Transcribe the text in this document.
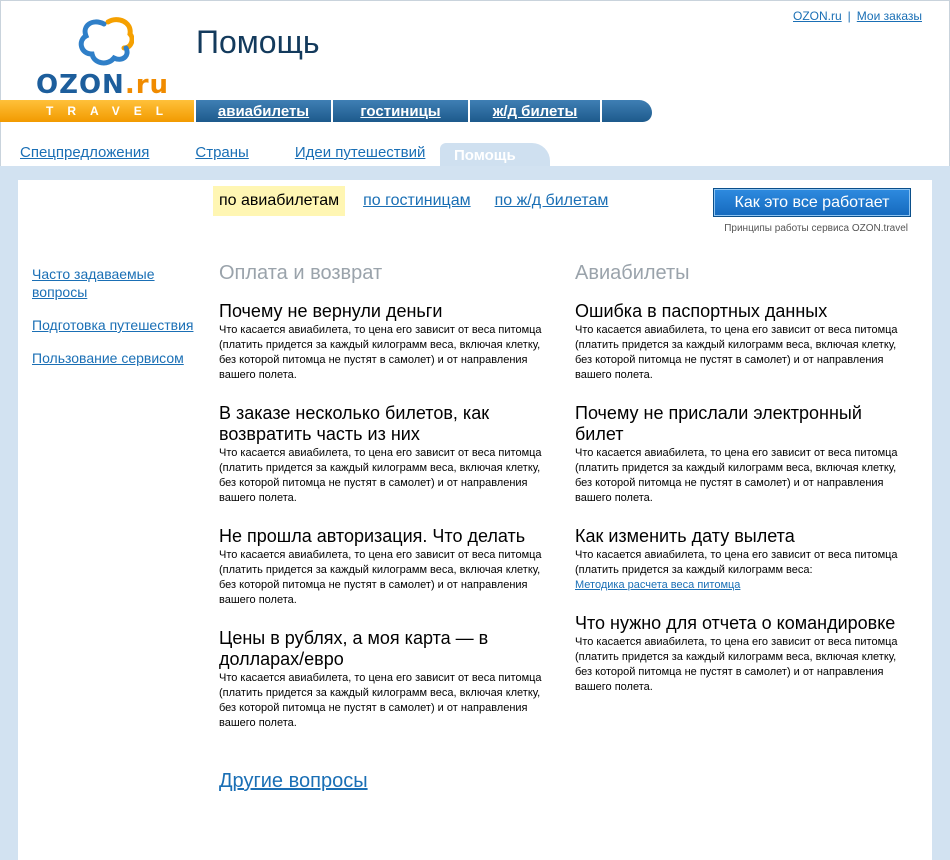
OZON.ru | Мои заказы
OZON.ru
Помощь
TRAVEL	авиабилеты	гостиницы	ж/д билеты
Спецпредложения	Страны	Идеи путешествий	Помощь
по авиабилетам	по гостиницам по ж/д билетам	Как это все работает
Принципы работы сервиса OZON.travel
Часто задаваемые вопросы
Подготовка путешествия
Пользование сервисом
Оплата и возврат
Почему не вернули деньги

Что касается авиабилета, то цена его зависит от веса питомца (платить придется за каждый килограмм веса, включая клетку, без которой питомца не пустят в самолет) и от направления вашего полета.

В заказе несколько билетов, как возвратить часть из них

Что касается авиабилета, то цена его зависит от веса питомца (платить придется за каждый килограмм веса, включая клетку, без которой питомца не пустят в самолет) и от направления вашего полета.

Не прошла авторизация. Что делать

Что касается авиабилета, то цена его зависит от веса питомца (платить придется за каждый килограмм веса, включая клетку, без которой питомца не пустят в самолет) и от направления вашего полета.

Цены в рублях, а моя карта — в долларах/евро

Что касается авиабилета, то цена его зависит от веса питомца (платить придется за каждый килограмм веса, включая клетку, без которой питомца не пустят в самолет) и от направления вашего полета.

Авиабилеты
Ошибка в паспортных данных

Что касается авиабилета, то цена его зависит от веса питомца (платить придется за каждый килограмм веса, включая клетку, без которой питомца не пустят в самолет) и от направления вашего полета.

Почему не прислали электронный билет

Что касается авиабилета, то цена его зависит от веса питомца (платить придется за каждый килограмм веса, включая клетку, без которой питомца не пустят в самолет) и от направления вашего полета.

Как изменить дату вылета

Что касается авиабилета, то цена его зависит от веса питомца (платить придется за каждый килограмм веса:
Методика расчета веса питомца

Что нужно для отчета о командировке

Что касается авиабилета, то цена его зависит от веса питомца (платить придется за каждый килограмм веса, включая клетку, без которой питомца не пустят в самолет) и от направления вашего полета.

Другие вопросы
